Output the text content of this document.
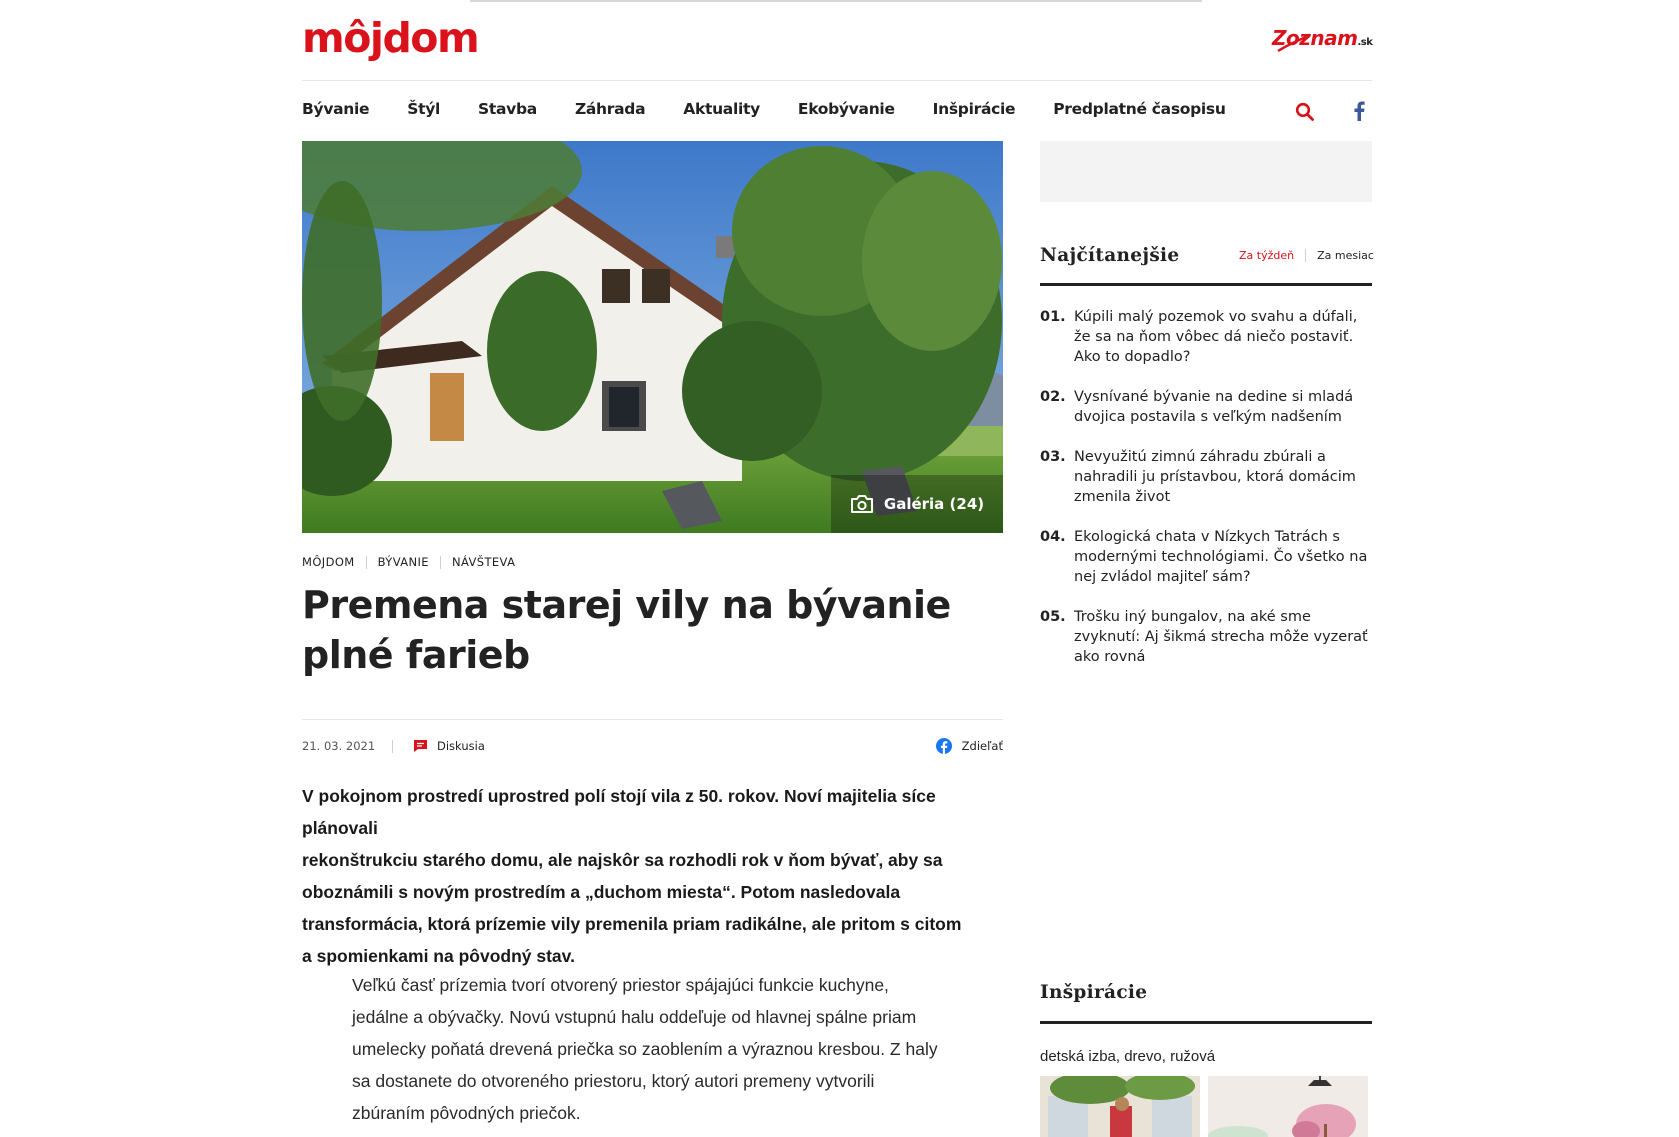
môjdom	Zoznam.sk
Bývanie Štýl Stavba Záhrada Aktuality Ekobývanie Inšpirácie Predplatné časopisu
Galéria (24)
MÔJDOM BÝVANIE NÁVŠTEVA
Premena starej vily na bývanie plné farieb
21. 03. 2021	Diskusia	Zdieľať
V pokojnom prostredí uprostred polí stojí vila z 50. rokov. Noví majitelia síce plánovali
rekonštrukciu starého domu, ale najskôr sa rozhodli rok v ňom bývať, aby sa
oboznámili s novým prostredím a „duchom miesta“. Potom nasledovala
transformácia, ktorá prízemie vily premenila priam radikálne, ale pritom s citom
a spomienkami na pôvodný stav.
Veľkú časť prízemia tvorí otvorený priestor spájajúci funkcie kuchyne,
jedálne a obývačky. Novú vstupnú halu oddeľuje od hlavnej spálne priam
umelecky poňatá drevená priečka so zaoblením a výraznou kresbou. Z haly
sa dostanete do otvoreného priestoru, ktorý autori premeny vytvorili
zbúraním pôvodných priečok.
Najčítanejšie	Za týždeň Za mesiac
01. Kúpili malý pozemok vo svahu a dúfali, že sa na ňom vôbec dá niečo postaviť. Ako to dopadlo?
02. Vysnívané bývanie na dedine si mladá dvojica postavila s veľkým nadšením
03. Nevyužitú zimnú záhradu zbúrali a nahradili ju prístavbou, ktorá domácim zmenila život
04. Ekologická chata v Nízkych Tatrách s modernými technológiami. Čo všetko na nej zvládol majiteľ sám?
05. Trošku iný bungalov, na aké sme zvyknutí: Aj šikmá strecha môže vyzerať ako rovná
Inšpirácie
detská izba, drevo, ružová
